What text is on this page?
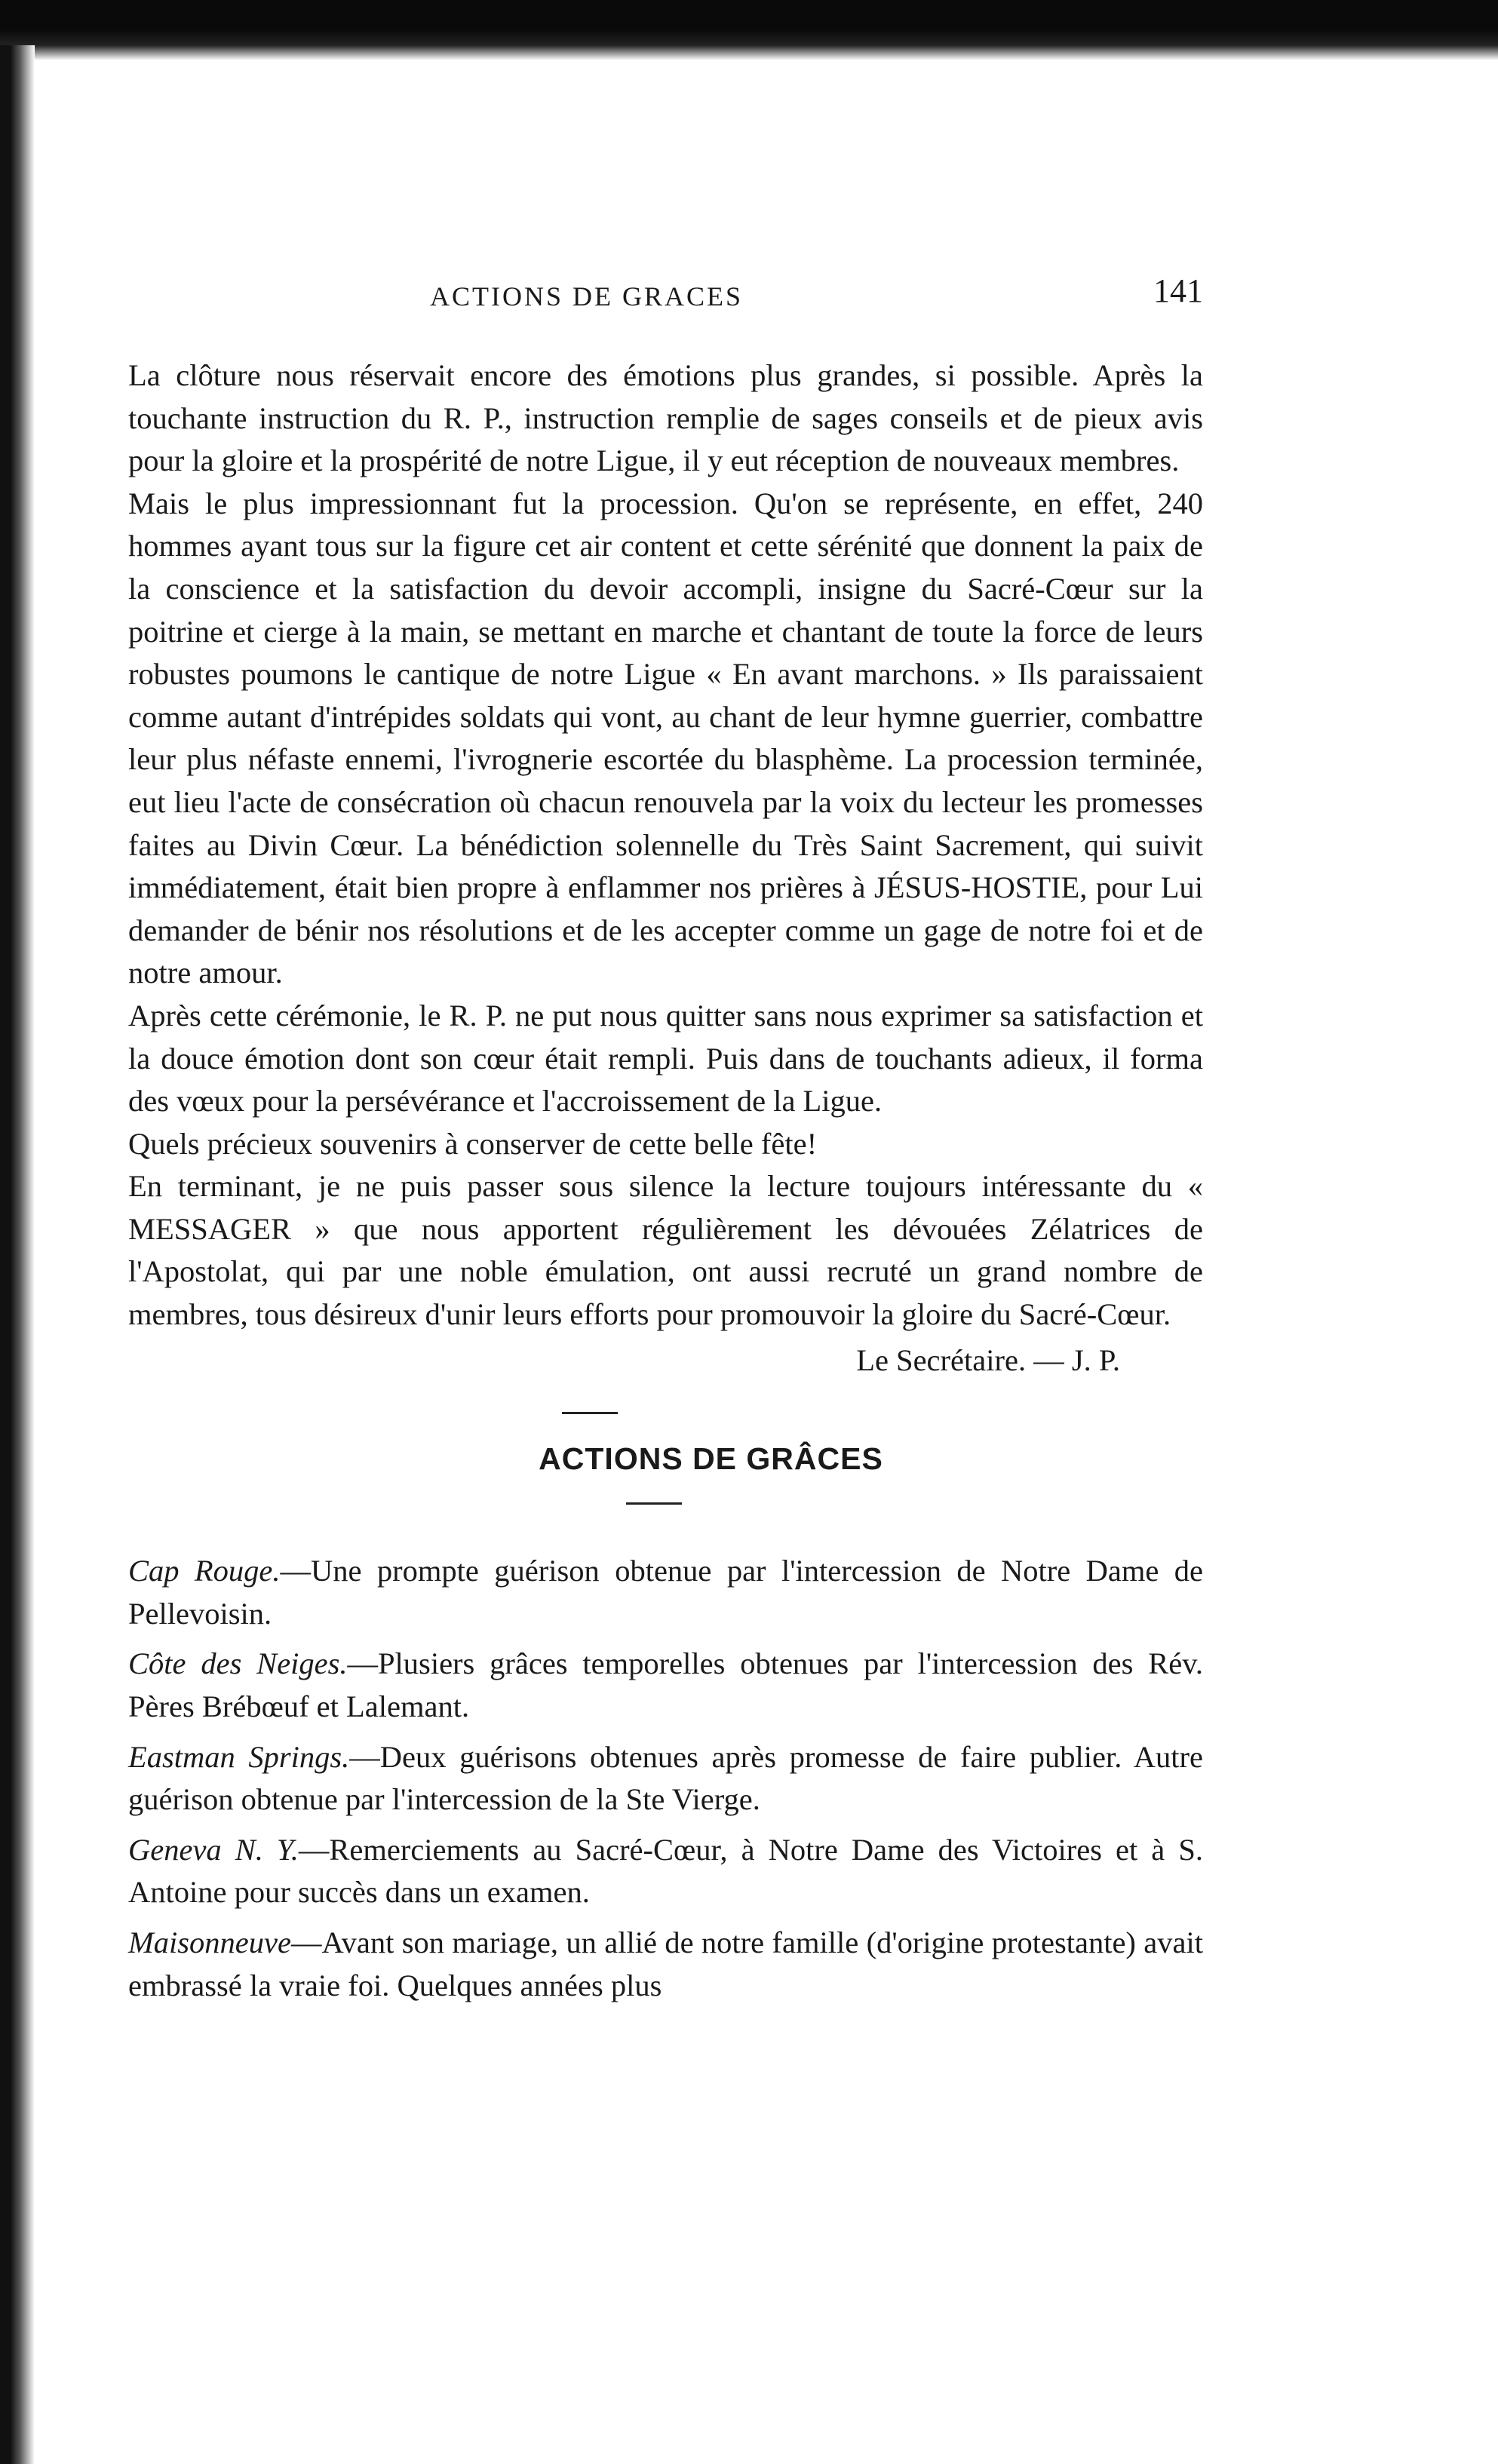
ACTIONS DE GRACES	141

La clôture nous réservait encore des émotions plus grandes, si possible. Après la touchante instruction du R. P., instruction remplie de sages conseils et de pieux avis pour la gloire et la prospérité de notre Ligue, il y eut réception de nouveaux membres.

Mais le plus impressionnant fut la procession. Qu'on se représente, en effet, 240 hommes ayant tous sur la figure cet air content et cette sérénité que donnent la paix de la conscience et la satisfaction du devoir accompli, insigne du Sacré-Cœur sur la poitrine et cierge à la main, se mettant en marche et chantant de toute la force de leurs robustes poumons le cantique de notre Ligue « En avant marchons. » Ils paraissaient comme autant d'intrépides soldats qui vont, au chant de leur hymne guerrier, combattre leur plus néfaste ennemi, l'ivrognerie escortée du blasphème. La procession terminée, eut lieu l'acte de consécration où chacun renouvela par la voix du lecteur les promesses faites au Divin Cœur. La bénédiction solennelle du Très Saint Sacrement, qui suivit immédiatement, était bien propre à enflammer nos prières à JÉSUS-HOSTIE, pour Lui demander de bénir nos résolutions et de les accepter comme un gage de notre foi et de notre amour.

Après cette cérémonie, le R. P. ne put nous quitter sans nous exprimer sa satisfaction et la douce émotion dont son cœur était rempli. Puis dans de touchants adieux, il forma des vœux pour la persévérance et l'accroissement de la Ligue.

Quels précieux souvenirs à conserver de cette belle fête!

En terminant, je ne puis passer sous silence la lecture toujours intéressante du « MESSAGER » que nous apportent régulièrement les dévouées Zélatrices de l'Apostolat, qui par une noble émulation, ont aussi recruté un grand nombre de membres, tous désireux d'unir leurs efforts pour promouvoir la gloire du Sacré-Cœur.

Le Secrétaire. — J. P.
ACTIONS DE GRÂCES

Cap Rouge.—Une prompte guérison obtenue par l'intercession de Notre Dame de Pellevoisin.

Côte des Neiges.—Plusiers grâces temporelles obtenues par l'intercession des Rév. Pères Brébœuf et Lalemant.

Eastman Springs.—Deux guérisons obtenues après promesse de faire publier. Autre guérison obtenue par l'intercession de la Ste Vierge.

Geneva N. Y.—Remerciements au Sacré-Cœur, à Notre Dame des Victoires et à S. Antoine pour succès dans un examen.

Maisonneuve—Avant son mariage, un allié de notre famille (d'origine protestante) avait embrassé la vraie foi. Quelques années plus
